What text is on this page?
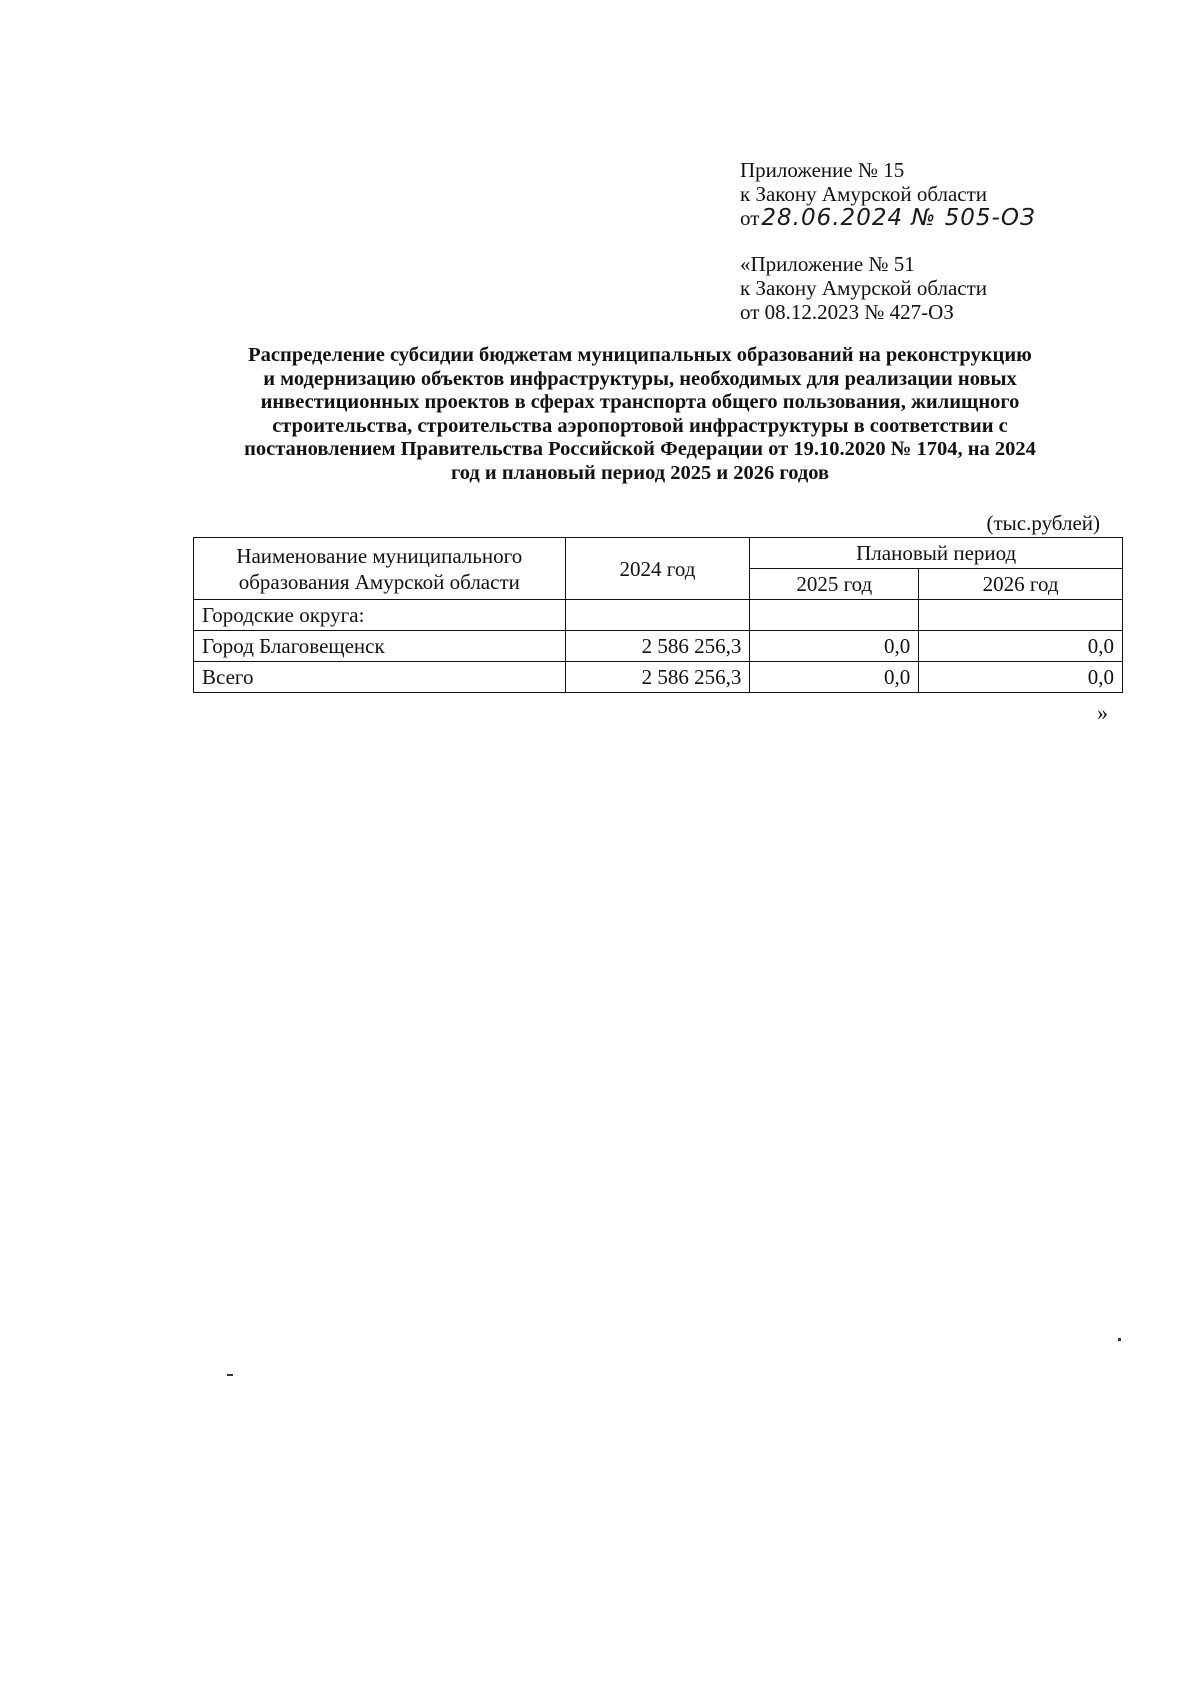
Приложение № 15
к Закону Амурской области
от28.06.2024 № 505-ОЗ
«Приложение № 51
к Закону Амурской области
от 08.12.2023 № 427-ОЗ
Распределение субсидии бюджетам муниципальных образований на реконструкцию
и модернизацию объектов инфраструктуры, необходимых для реализации новых
инвестиционных проектов в сферах транспорта общего пользования, жилищного
строительства, строительства аэропортовой инфраструктуры в соответствии с
постановлением Правительства Российской Федерации от 19.10.2020 № 1704, на 2024
год и плановый период 2025 и 2026 годов
(тыс.рублей)
Наименование муниципального
образования Амурской области	2024 год	Плановый период	
		2025 год	2026 год
Городские округа:			
Город Благовещенск	2 586 256,3	0,0	0,0
Всего	2 586 256,3	0,0	0,0
»
